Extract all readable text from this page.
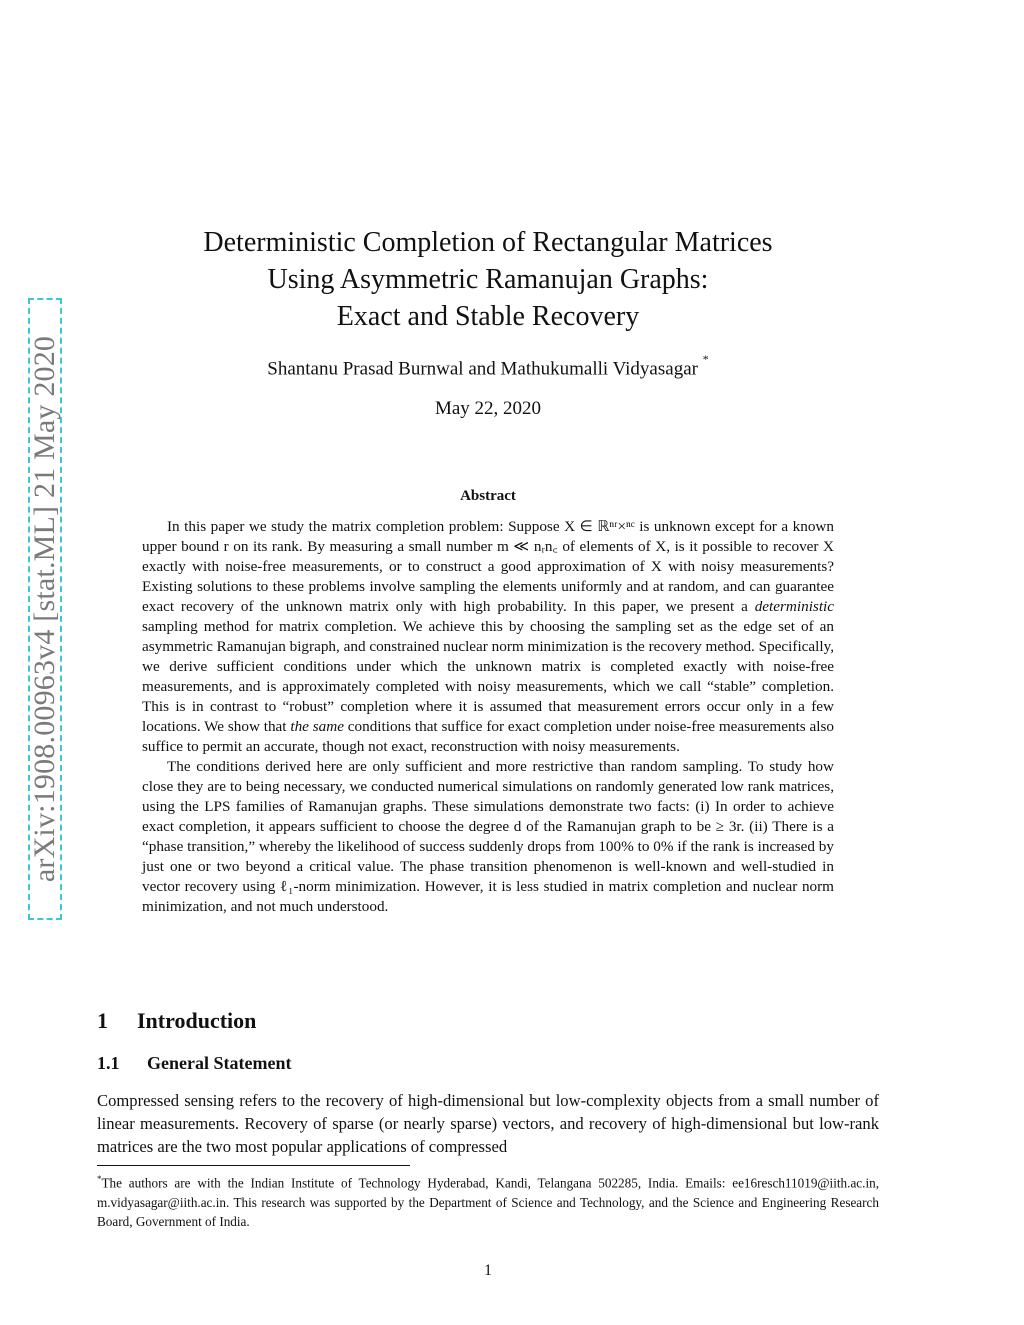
arXiv:1908.00963v4 [stat.ML] 21 May 2020
Deterministic Completion of Rectangular Matrices
Using Asymmetric Ramanujan Graphs:
Exact and Stable Recovery
Shantanu Prasad Burnwal and Mathukumalli Vidyasagar *
May 22, 2020
Abstract

In this paper we study the matrix completion problem: Suppose X ∈ ℝⁿʳ×ⁿᶜ is unknown except for a known upper bound r on its rank. By measuring a small number m ≪ nᵣn꜀ of elements of X, is it possible to recover X exactly with noise-free measurements, or to construct a good approximation of X with noisy measurements? Existing solutions to these problems involve sampling the elements uniformly and at random, and can guarantee exact recovery of the unknown matrix only with high probability. In this paper, we present a deterministic sampling method for matrix completion. We achieve this by choosing the sampling set as the edge set of an asymmetric Ramanujan bigraph, and constrained nuclear norm minimization is the recovery method. Specifically, we derive sufficient conditions under which the unknown matrix is completed exactly with noise-free measurements, and is approximately completed with noisy measurements, which we call “stable” completion. This is in contrast to “robust” completion where it is assumed that measurement errors occur only in a few locations. We show that the same conditions that suffice for exact completion under noise-free measurements also suffice to permit an accurate, though not exact, reconstruction with noisy measurements.

The conditions derived here are only sufficient and more restrictive than random sampling. To study how close they are to being necessary, we conducted numerical simulations on randomly generated low rank matrices, using the LPS families of Ramanujan graphs. These simulations demonstrate two facts: (i) In order to achieve exact completion, it appears sufficient to choose the degree d of the Ramanujan graph to be ≥ 3r. (ii) There is a “phase transition,” whereby the likelihood of success suddenly drops from 100% to 0% if the rank is increased by just one or two beyond a critical value. The phase transition phenomenon is well-known and well-studied in vector recovery using ℓ₁-norm minimization. However, it is less studied in matrix completion and nuclear norm minimization, and not much understood.

1 Introduction
1.1 General Statement

Compressed sensing refers to the recovery of high-dimensional but low-complexity objects from a small number of linear measurements. Recovery of sparse (or nearly sparse) vectors, and recovery of high-dimensional but low-rank matrices are the two most popular applications of compressed

*The authors are with the Indian Institute of Technology Hyderabad, Kandi, Telangana 502285, India. Emails: ee16resch11019@iith.ac.in, m.vidyasagar@iith.ac.in. This research was supported by the Department of Science and Technology, and the Science and Engineering Research Board, Government of India.
1
